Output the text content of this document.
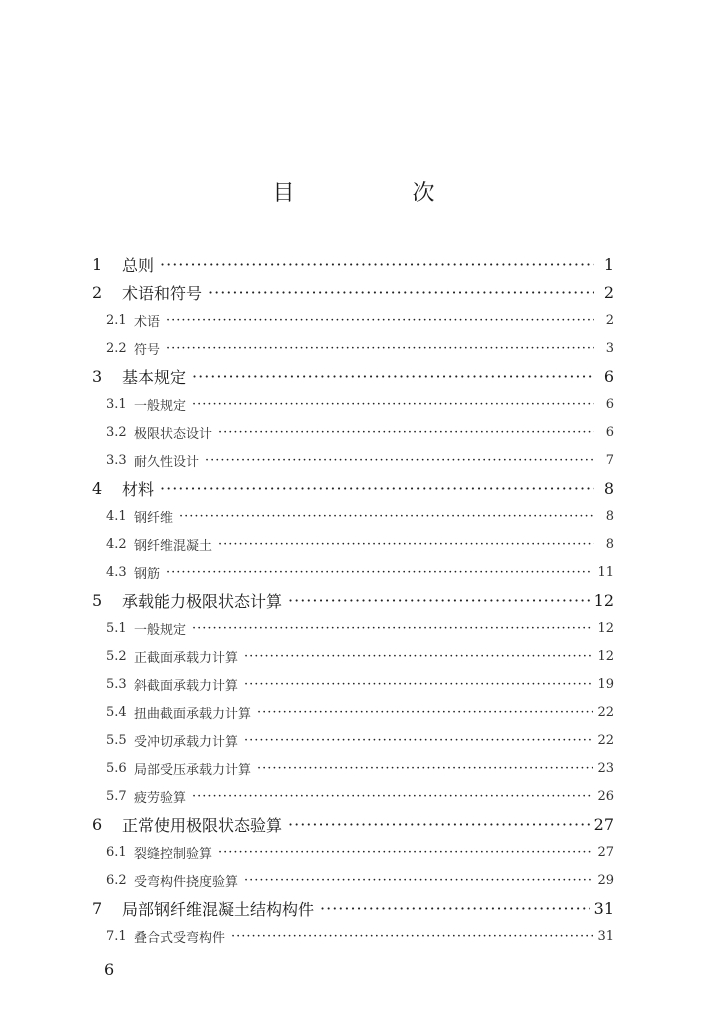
目　次
1	总则 ·····	1
2	术语和符号 ·····	2
2.1 术语 ·····	2
2.2 符号 ·····	3
3	基本规定 ·····	6
3.1 一般规定 ·····	6
3.2 极限状态设计 ·····	6
3.3 耐久性设计 ·····	7
4	材料 ·····	8
4.1 钢纤维 ·····	8
4.2 钢纤维混凝土 ·····	8
4.3 钢筋 ·····	11
5	承载能力极限状态计算 ·····	12
5.1 一般规定 ·····	12
5.2 正截面承载力计算 ·····	12
5.3 斜截面承载力计算 ·····	19
5.4 扭曲截面承载力计算 ·····	22
5.5 受冲切承载力计算 ·····	22
5.6 局部受压承载力计算 ·····	23
5.7 疲劳验算 ·····	26
6	正常使用极限状态验算 ·····	27
6.1 裂缝控制验算 ·····	27
6.2 受弯构件挠度验算 ·····	29
7	局部钢纤维混凝土结构构件 ·····	31
7.1 叠合式受弯构件 ·····	31
6
